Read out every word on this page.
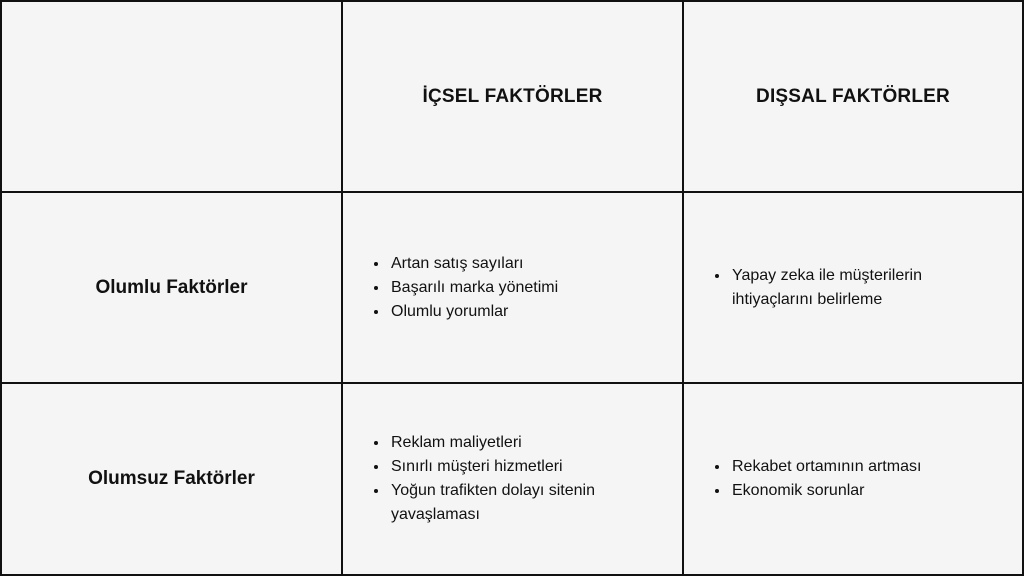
İÇSEL FAKTÖRLER	DIŞSAL FAKTÖRLER
Olumlu Faktörler
• Artan satış sayıları
• Başarılı marka yönetimi
• Olumlu yorumlar
• Yapay zeka ile müşterilerin ihtiyaçlarını belirleme
Olumsuz Faktörler
• Reklam maliyetleri
• Sınırlı müşteri hizmetleri
• Yoğun trafikten dolayı sitenin yavaşlaması
• Rekabet ortamının artması
• Ekonomik sorunlar
